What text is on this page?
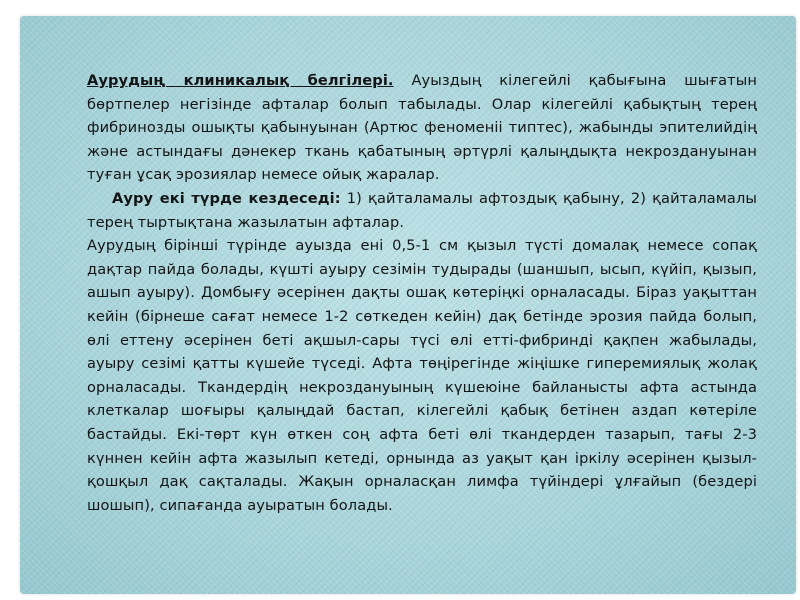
Аурудың клиникалық белгілері. Ауыздың кілегейлі қабығына шығатын бөртпелер негізінде афталар болып табылады. Олар кілегейлі қабықтың терең фибринозды ошықты қабынуынан (Артюс феноменіі типтес), жабынды эпителийдің және астындағы дәнекер ткань қабатының әртүрлі қалыңдықта некроздануынан туған ұсақ эрозиялар немесе ойық жаралар.

Ауру екі түрде кездеседі: 1) қайталамалы афтоздық қабыну, 2) қайталамалы терең тыртықтана жазылатын афталар.

Аурудың бірінші түрінде ауызда ені 0,5-1 см қызыл түсті домалақ немесе сопақ дақтар пайда болады, күшті ауыру сезімін тудырады (шаншып, ысып, күйіп, қызып, ашып ауыру). Домбығу әсерінен дақты ошақ көтеріңкі орналасады. Біраз уақыттан кейін (бірнеше сағат немесе 1-2 сөткеден кейін) дақ бетінде эрозия пайда болып, өлі еттену әсерінен беті ақшыл-сары түсі өлі етті-фибринді қақпен жабылады, ауыру сезімі қатты күшейе түседі. Афта төңірегінде жіңішке гиперемиялық жолақ орналасады. Ткандердің некроздануының күшеюіне байланысты афта астында клеткалар шоғыры қалыңдай бастап, кілегейлі қабық бетінен аздап көтеріле бастайды. Екі-төрт күн өткен соң афта беті өлі ткандерден тазарып, тағы 2-3 күннен кейін афта жазылып кетеді, орнында аз уақыт қан іркілу әсерінен қызыл-қошқыл дақ сақталады. Жақын орналасқан лимфа түйіндері ұлғайып (бездері шошып), сипағанда ауыратын болады.
